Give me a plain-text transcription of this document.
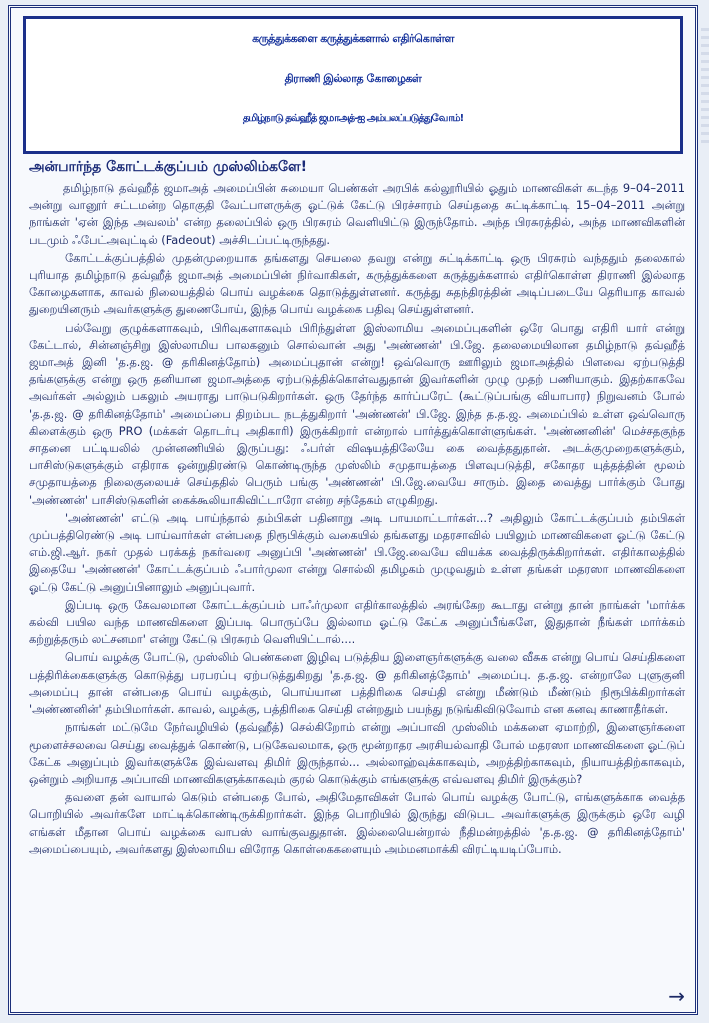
கருத்துக்களை கருத்துக்களால் எதிர்கொள்ள
திராணி இல்லாத கோழைகள்
தமிழ்நாடு தவ்ஹீத் ஜமாஅத்-ஐ அம்பலப்படுத்துவோம்!
அன்பார்ந்த கோட்டக்குப்பம் முஸ்லிம்களே!

தமிழ்நாடு தவ்ஹீத் ஜமாஅத் அமைப்பின் சுமையா பெண்கள் அரபிக் கல்லூரியில் ஓதும் மாணவிகள் கடந்த 9–04–2011 அன்று வானூர் சட்டமன்ற தொகுதி வேட்பாளருக்கு ஓட்டுக் கேட்டு பிரச்சாரம் செய்ததை சுட்டிக்காட்டி 15–04–2011 அன்று நாங்கள் 'ஏன் இந்த அவலம்' என்ற தலைப்பில் ஒரு பிரசுரம் வெளியிட்டு இருந்தோம். அந்த பிரசுரத்தில், அந்த மாணவிகளின் படமும் ஃபேட்அவுட்டில் (Fadeout) அச்சிடப்பட்டிருந்தது.

கோட்டக்குப்பத்தில் முதன்முறையாக தங்களது செயலை தவறு என்று சுட்டிக்காட்டி ஒரு பிரசுரம் வந்ததும் தலைகால் புரியாத தமிழ்நாடு தவ்ஹீத் ஜமாஅத் அமைப்பின் நிர்வாகிகள், கருத்துக்களை கருத்துக்களால் எதிர்கொள்ள திராணி இல்லாத கோழைகளாக, காவல் நிலையத்தில் பொய் வழக்கை தொடுத்துள்ளனர். கருத்து சுதந்திரத்தின் அடிப்படையே தெரியாத காவல் துறையினரும் அவர்களுக்கு துணைபோய், இந்த பொய் வழக்கை பதிவு செய்துள்ளனர்.

பல்வேறு குழுக்களாகவும், பிரிவுகளாகவும் பிரிந்துள்ள இஸ்லாமிய அமைப்புகளின் ஒரே பொது எதிரி யார் என்று கேட்டால், சின்னஞ்சிறு இஸ்லாமிய பாலகனும் சொல்வான் அது 'அண்ணன்' பி.ஜே. தலைமையிலான தமிழ்நாடு தவ்ஹீத் ஜமாஅத் இனி 'த.த.ஜ. @ தரிகினத்தோம்) அமைப்புதான் என்று! ஒவ்வொரு ஊரிலும் ஜமாஅத்தில் பிளவை ஏற்படுத்தி தங்களுக்கு என்று ஒரு தனியான ஜமாஅத்தை ஏற்படுத்திக்கொள்வதுதான் இவர்களின் முழு முதற் பணியாகும். இதற்காகவே அவர்கள் அல்லும் பகலும் அயராது பாடுபடுகிறார்கள். ஒரு தேர்ந்த கார்ப்பரேட் (கூட்டுப்பங்கு வியாபார) நிறுவனம் போல் 'த.த.ஜ. @ தரிகினத்தோம்' அமைப்பை திறம்பட நடத்துகிறார் 'அண்ணன்' பி.ஜே. இந்த த.த.ஜ. அமைப்பில் உள்ள ஒவ்வொரு கிளைக்கும் ஒரு PRO (மக்கள் தொடர்பு அதிகாரி) இருக்கிறார் என்றால் பார்த்துக்கொள்ளுங்கள். 'அண்ணனின்' மெச்சதகுந்த சாதனை பட்டியலில் முன்னணியில் இருப்பது: ஃபர்ள் விஷயத்திலேயே கை வைத்ததுதான். அடக்குமுறைகளுக்கும், பாசிஸ்டுகளுக்கும் எதிராக ஒன்றுதிரண்டு கொண்டிருந்த முஸ்லிம் சமுதாயத்தை பிளவுபடுத்தி, சகோதர யுத்தத்தின் மூலம் சமுதாயத்தை நிலைகுலையச் செய்ததில் பெரும் பங்கு 'அண்ணன்' பி.ஜே.வையே சாரும். இதை வைத்து பார்க்கும் போது 'அண்ணன்' பாசிஸ்டுகளின் கைக்கூலியாகிவிட்டாரோ என்ற சந்தேகம் எழுகிறது.

'அண்ணன்' எட்டு அடி பாய்ந்தால் தம்பிகள் பதினாறு அடி பாயமாட்டார்கள்...? அதிலும் கோட்டக்குப்பம் தம்பிகள் முப்பத்திரெண்டு அடி பாய்வார்கள் என்பதை நிரூபிக்கும் வகையில் தங்களது மதரசாவில் பயிலும் மாணவிகளை ஓட்டு கேட்டு எம்.ஜி.ஆர். நகர் முதல் பரக்கத் நகர்வரை அனுப்பி 'அண்ணன்' பி.ஜே.வையே வியக்க வைத்திருக்கிறார்கள். எதிர்காலத்தில் இதையே 'அண்ணன்' கோட்டக்குப்பம் ஃபார்முலா என்று சொல்லி தமிழகம் முழுவதும் உள்ள தங்கள் மதரஸா மாணவிகளை ஓட்டு கேட்டு அனுப்பினாலும் அனுப்புவார்.

இப்படி ஒரு கேவலமான கோட்டக்குப்பம் பாஃர்முலா எதிர்காலத்தில் அரங்கேற கூடாது என்று தான் நாங்கள் 'மார்க்க கல்வி பயில வந்த மாணவிகளை இப்படி பொருப்பே இல்லாம ஓட்டு கேட்க அனுப்பீங்களே, இதுதான் நீங்கள் மார்க்கம் கற்றுத்தரும் லட்சனமா' என்று கேட்டு பிரசுரம் வெளியிட்டால்....

பொய் வழக்கு போட்டு, முஸ்லிம் பெண்களை இழிவு படுத்திய இளைஞர்களுக்கு வலை வீசுக என்று பொய் செய்திகளை பத்திரிக்கைகளுக்கு கொடுத்து பரபரப்பு ஏற்படுத்துகிறது 'த.த.ஜ. @ தரிகினத்தோம்' அமைப்பு. த.த.ஜ. என்றாலே புளுகுனி அமைப்பு தான் என்பதை பொய் வழக்கும், பொய்யான பத்திரிகை செய்தி என்று மீண்டும் மீண்டும் நிரூபிக்கிறார்கள் 'அண்ணனின்' தம்பிமார்கள். காவல், வழக்கு, பத்திரிகை செய்தி என்றதும் பயந்து நடுங்கிவிடுவோம் என கனவு காணாதீர்கள்.

நாங்கள் மட்டுமே நேர்வழியில் (தவ்ஹீத்) செல்கிறோம் என்று அப்பாவி முஸ்லிம் மக்களை ஏமாற்றி, இளைஞர்களை மூளைச்சலவை செய்து வைத்துக் கொண்டு, படுகேவலமாக, ஒரு மூன்றாதர அரசியல்வாதி போல் மதரஸா மாணவிகளை ஓட்டுப் கேட்க அனுப்பும் இவர்களுக்கே இவ்வளவு திமிர் இருந்தால்... அல்லாஹ்வுக்காகவும், அறத்திற்காகவும், நியாயத்திற்காகவும், ஒன்றும் அறியாத அப்பாவி மாணவிகளுக்காகவும் குரல் கொடுக்கும் எங்களுக்கு எவ்வளவு திமிர் இருக்கும்?

தவளை தன் வாயால் கெடும் என்பதை போல், அதிமேதாவிகள் போல் பொய் வழக்கு போட்டு, எங்களுக்காக வைத்த பொறியில் அவர்களே மாட்டிக்கொண்டிருக்கிறார்கள். இந்த பொறியில் இருந்து விடுபட அவர்களுக்கு இருக்கும் ஒரே வழி எங்கள் மீதான பொய் வழக்கை வாபஸ் வாங்குவதுதான். இல்லையென்றால் நீதிமன்றத்தில் 'த.த.ஜ. @ தரிகினத்தோம்' அமைப்பையும், அவர்களது இஸ்லாமிய விரோத கொள்கைகளையும் அம்மனமாக்கி விரட்டியடிப்போம்.

→
